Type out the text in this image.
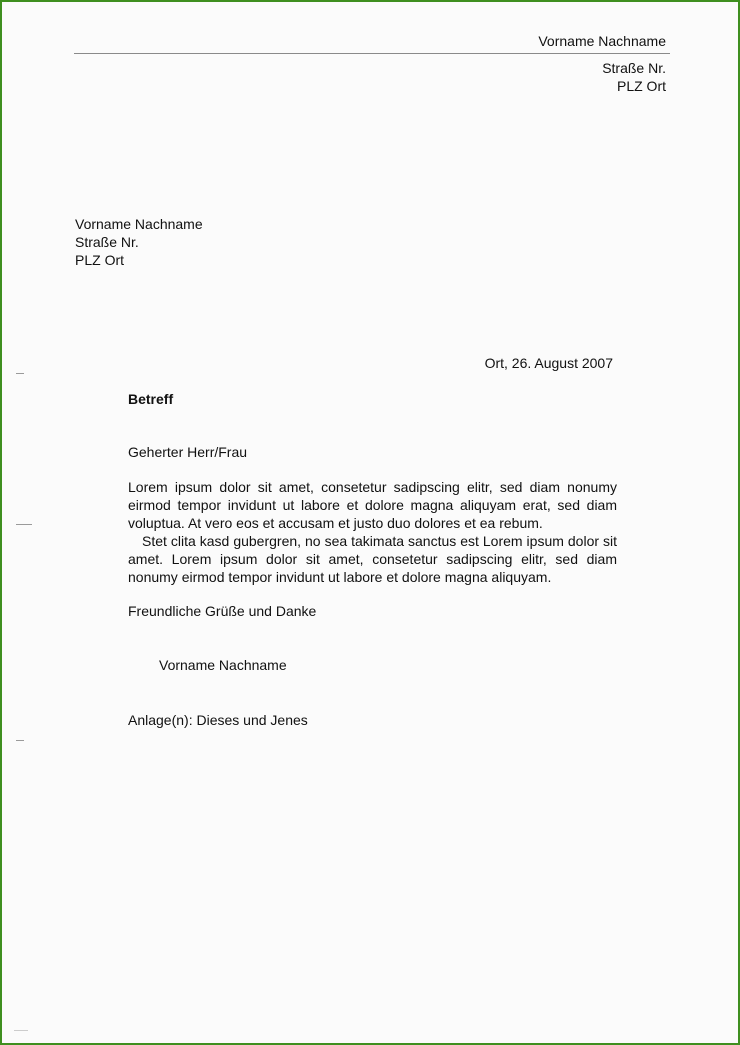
Vorname Nachname
Straße Nr.
PLZ Ort
Vorname Nachname
Straße Nr.
PLZ Ort
Ort, 26. August 2007
Betreff
Geherter Herr/Frau

Lorem ipsum dolor sit amet, consetetur sadipscing elitr, sed diam nonumy eirmod tempor invidunt ut labore et dolore magna aliquyam erat, sed diam voluptua. At vero eos et accusam et justo duo dolores et ea rebum.

Stet clita kasd gubergren, no sea takimata sanctus est Lorem ipsum dolor sit amet. Lorem ipsum dolor sit amet, consetetur sadipscing elitr, sed diam nonumy eirmod tempor invidunt ut labore et dolore magna aliquyam.

Freundliche Grüße und Danke
Vorname Nachname
Anlage(n): Dieses und Jenes
